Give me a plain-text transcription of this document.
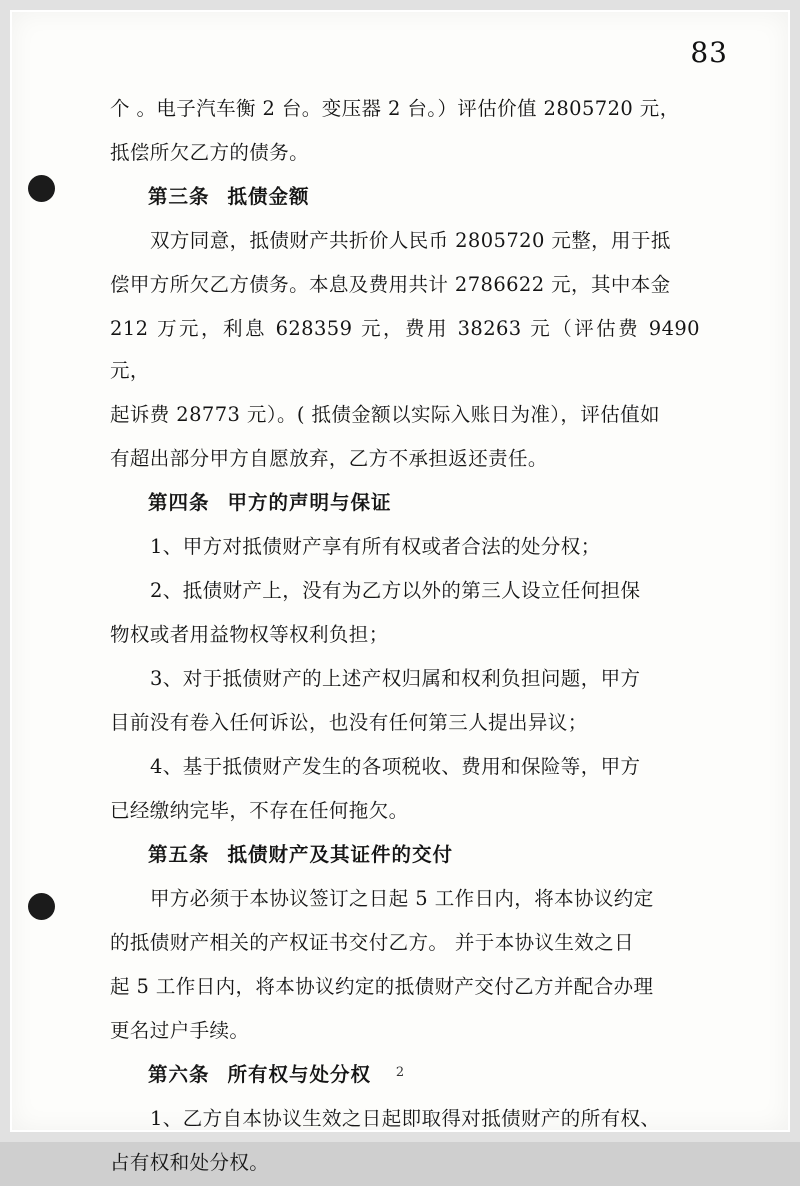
83

个 。电子汽车衡 2 台。变压器 2 台。）评估价值 2805720 元，

抵偿所欠乙方的债务。

第三条 抵债金额

双方同意，抵债财产共折价人民币 2805720 元整，用于抵

偿甲方所欠乙方债务。本息及费用共计 2786622 元，其中本金

212 万元，利息 628359 元，费用 38263 元（评估费 9490 元，

起诉费 28773 元）。( 抵债金额以实际入账日为准），评估值如

有超出部分甲方自愿放弃，乙方不承担返还责任。

第四条 甲方的声明与保证

1、甲方对抵债财产享有所有权或者合法的处分权；

2、抵债财产上，没有为乙方以外的第三人设立任何担保

物权或者用益物权等权利负担；

3、对于抵债财产的上述产权归属和权利负担问题，甲方

目前没有卷入任何诉讼，也没有任何第三人提出异议；

4、基于抵债财产发生的各项税收、费用和保险等，甲方

已经缴纳完毕，不存在任何拖欠。

第五条 抵债财产及其证件的交付

甲方必须于本协议签订之日起 5 工作日内，将本协议约定

的抵债财产相关的产权证书交付乙方。 并于本协议生效之日

起 5 工作日内，将本协议约定的抵债财产交付乙方并配合办理

更名过户手续。

第六条 所有权与处分权

1、乙方自本协议生效之日起即取得对抵债财产的所有权、

占有权和处分权。

2
